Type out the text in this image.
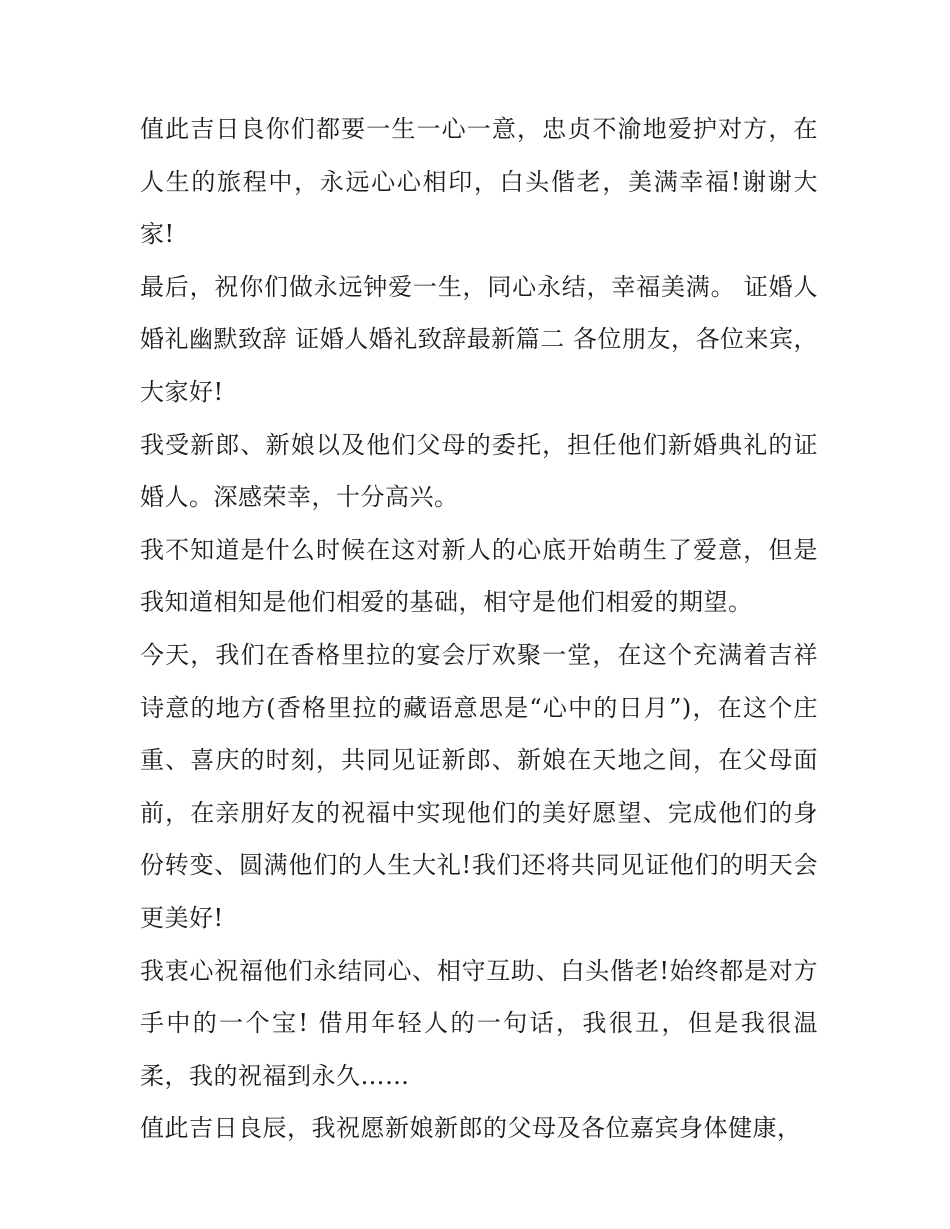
值此吉日良你们都要一生一心一意，忠贞不渝地爱护对方，在人生的旅程中，永远心心相印，白头偕老，美满幸福!谢谢大家!

最后，祝你们做永远钟爱一生，同心永结，幸福美满。 证婚人婚礼幽默致辞 证婚人婚礼致辞最新篇二 各位朋友，各位来宾，大家好!

我受新郎、新娘以及他们父母的委托，担任他们新婚典礼的证婚人。深感荣幸，十分高兴。

我不知道是什么时候在这对新人的心底开始萌生了爱意，但是我知道相知是他们相爱的基础，相守是他们相爱的期望。

今天，我们在香格里拉的宴会厅欢聚一堂，在这个充满着吉祥诗意的地方(香格里拉的藏语意思是“心中的日月”)，在这个庄重、喜庆的时刻，共同见证新郎、新娘在天地之间，在父母面前，在亲朋好友的祝福中实现他们的美好愿望、完成他们的身份转变、圆满他们的人生大礼!我们还将共同见证他们的明天会更美好!

我衷心祝福他们永结同心、相守互助、白头偕老!始终都是对方手中的一个宝! 借用年轻人的一句话，我很丑，但是我很温柔，我的祝福到永久……

值此吉日良辰，我祝愿新娘新郎的父母及各位嘉宾身体健康，
